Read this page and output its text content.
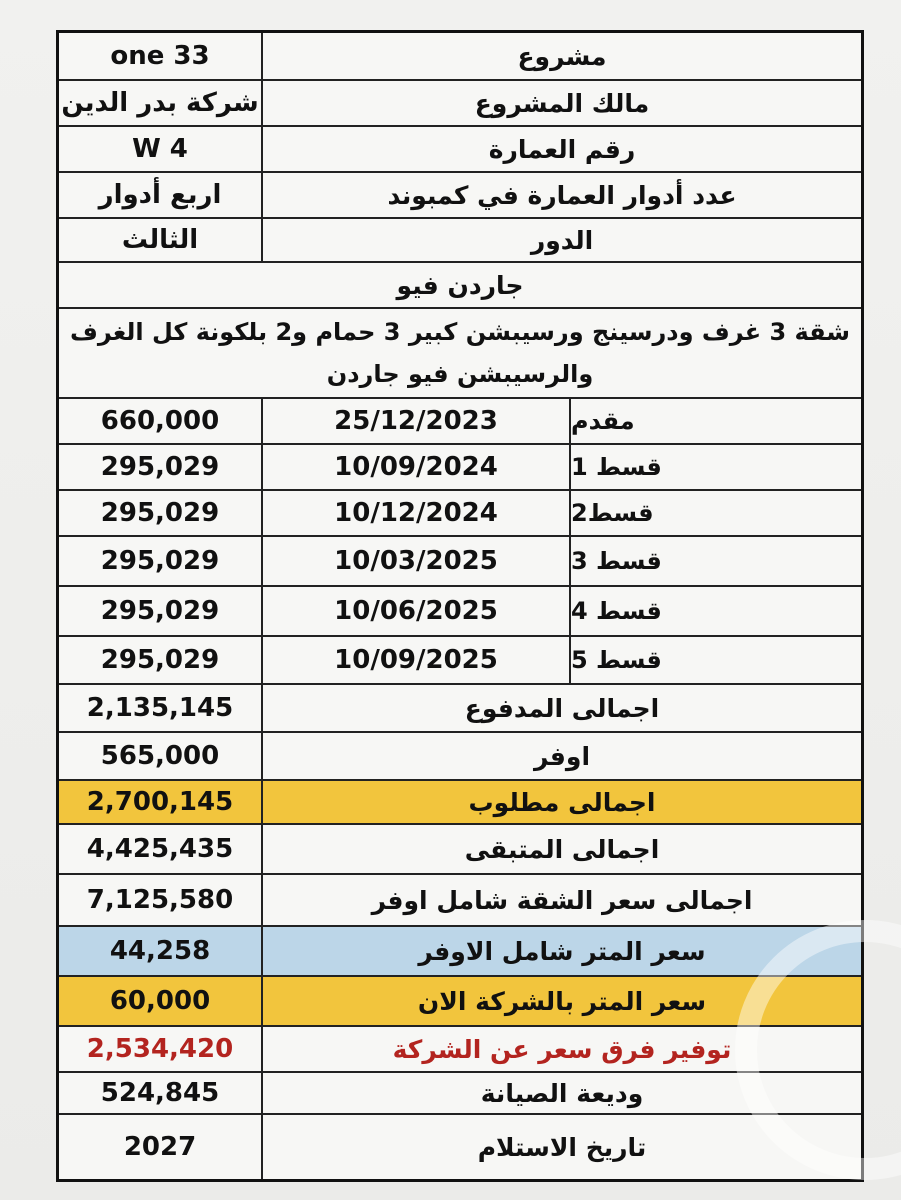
one 33	مشروع
شركة بدر الدين	مالك المشروع
W 4	رقم العمارة
اربع أدوار	عدد أدوار العمارة في كمبوند
الثالث	الدور
جاردن فيو
شقة 3 غرف ودرسينج ورسيبشن كبير 3 حمام و2 بلكونة كل الغرف والرسيبشن فيو جاردن
660,000	25/12/2023	مقدم
295,029	10/09/2024	قسط 1
295,029	10/12/2024	قسط2
295,029	10/03/2025	قسط 3
295,029	10/06/2025	قسط 4
295,029	10/09/2025	قسط 5
2,135,145	اجمالى المدفوع
565,000	اوفر
2,700,145	اجمالى مطلوب
4,425,435	اجمالى المتبقى
7,125,580	اجمالى سعر الشقة شامل اوفر
44,258	سعر المتر شامل الاوفر
60,000	سعر المتر بالشركة الان
2,534,420	توفير فرق سعر عن الشركة
524,845	وديعة الصيانة
2027	تاريخ الاستلام
